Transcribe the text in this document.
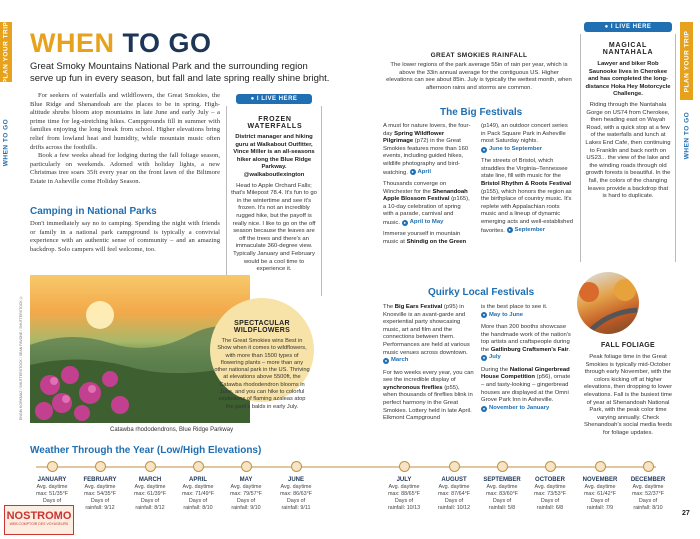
PLAN YOUR TRIP
WHEN TO GO
PLAN YOUR TRIP
WHEN TO GO
WHEN TO GO
Great Smoky Mountains National Park and the surrounding region serve up fun in every season, but fall and late spring really shine bright.

For seekers of waterfalls and wildflowers, the Great Smokies, the Blue Ridge and Shenandoah are the places to be in spring. High-altitude shrubs bloom atop mountains in late June and early July – a prime time for leg-stretching hikes. Campgrounds fill in summer with families enjoying the long break from school. Higher elevations bring relief from lowland heat and humidity, while mountain music often drifts across the foothills.

Book a few weeks ahead for lodging during the fall foliage season, particularly on weekends. Adorned with holiday lights, a new Christmas tree soars 35ft every year on the front lawn of the Biltmore Estate in Asheville come Holiday Season.

Camping in National Parks

Don't immediately say no to camping. Spending the night with friends or family in a national park campground is typically a convivial experience with an authentic sense of community – and an amazing backdrop. Solo campers will feel welcome, too.

● I LIVE HERE
FROZEN WATERFALLS
District manager and hiking guru at Walkabout Outfitter, Vince Miller is an all-seasons hiker along the Blue Ridge Parkway. @walkaboutlexington
Head to Apple Orchard Falls; that's Milepost 78.4. It's fun to go in the wintertime and see it's frozen. It's not an incredibly rugged hike, but the payoff is really nice. I like to go on the off season because the leaves are off the trees and there's an immaculate 360-degree view. Typically January and February would be a cool time to experience it.
ENGIN KORKMAZ / SHUTTERSTOCK / SEAN PAVONE / SHUTTERSTOCK ©
Catawba rhododendrons, Blue Ridge Parkway
SPECTACULAR WILDFLOWERS
The Great Smokies wins Best in Show when it comes to wildflowers, with more than 1500 types of flowering plants – more than any other national park in the US. Thriving at elevations above 5500ft, the Catawba rhododendron blooms in June, and you can hike to colorful explosions of flaming azaleas atop the park's balds in early July.
GREAT SMOKIES RAINFALL
The lower regions of the park average 55in of rain per year, which is above the 33in annual average for the contiguous US. Higher elevations can see about 85in. July is typically the wettest month, when afternoon rains and storms are common.
The Big Festivals

A must for nature lovers, the four-day Spring Wildflower Pilgrimage (p72) in the Great Smokies features more than 160 events, including guided hikes, wildlife photography and bird-watching. ● April

Thousands converge on Winchester for the Shenandoah Apple Blossom Festival (p165), a 10-day celebration of spring with a parade, carnival and music. ● April to May

Immerse yourself in mountain music at Shindig on the Green

(p149), an outdoor concert series in Pack Square Park in Asheville most Saturday nights.
● June to September

The streets of Bristol, which straddles the Virginia–Tennessee state line, fill with music for the Bristol Rhythm & Roots Festival (p155), which honors the region as the birthplace of country music. It's replete with Appalachian roots music and a lineup of dynamic emerging acts and well-established favorites. ● September

Quirky Local Festivals

The Big Ears Festival (p95) in Knoxville is an avant-garde and experiential party showcasing music, art and film and the connections between them. Performances are held at various music venues across downtown.
● March

For two weeks every year, you can see the incredible display of synchronous fireflies (p55), when thousands of fireflies blink in perfect harmony in the Great Smokies. Lottery held in late April. Elkmont Campground

is the best place to see it.
● May to June

More than 200 booths showcase the handmade work of the nation's top artists and craftspeople during the Gatlinburg Craftsmen's Fair.
● July

During the National Gingerbread House Competition (p56), ornate – and tasty-looking – gingerbread houses are displayed at the Omni Grove Park Inn in Asheville.
● November to January

● I LIVE HERE
MAGICAL NANTAHALA
Lawyer and biker Rob Saunooke lives in Cherokee and has completed the long-distance Hoka Hey Motorcycle Challenge.
Riding through the Nantahala Gorge on US74 from Cherokee, then heading east on Wayah Road, with a quick stop at a few of the waterfalls and lunch at Lakes End Cafe, then continuing to Franklin and back north on US23... the view of the lake and the winding roads through old growth forests is beautiful. In the fall, the colors of the changing leaves provide a backdrop that is hard to duplicate.
FALL FOLIAGE
Peak foliage time in the Great Smokies is typically mid-October through early November, with the colors kicking off at higher elevations, then dropping to lower elevations. Fall is the busiest time of year at Shenandoah National Park, with the peak color time varying annually. Check Shenandoah's social media feeds for foliage updates.
Weather Through the Year (Low/High Elevations)
JANUARY
Avg. daytime
max: 51/35°F
Days of
FEBRUARY
Avg. daytime
max: 54/35°F
Days of
rainfall: 9/12
MARCH
Avg. daytime
max: 61/39°F
Days of
rainfall: 8/12
APRIL
Avg. daytime
max: 71/49°F
Days of
rainfall: 8/10
MAY
Avg. daytime
max: 79/57°F
Days of
rainfall: 9/10
JUNE
Avg. daytime
max: 86/63°F
Days of
rainfall: 9/11
JULY
Avg. daytime
max: 88/65°F
Days of
rainfall: 10/13
AUGUST
Avg. daytime
max: 87/64°F
Days of
rainfall: 10/12
SEPTEMBER
Avg. daytime
max: 83/60°F
Days of
rainfall: 5/8
OCTOBER
Avg. daytime
max: 73/53°F
Days of
rainfall: 6/8
NOVEMBER
Avg. daytime
max: 61/42°F
Days of
rainfall: 7/9
DECEMBER
Avg. daytime
max: 52/37°F
Days of
rainfall: 8/10
27
NOSTROMO
WEB COMPTOIR DES VOYAGEURS
